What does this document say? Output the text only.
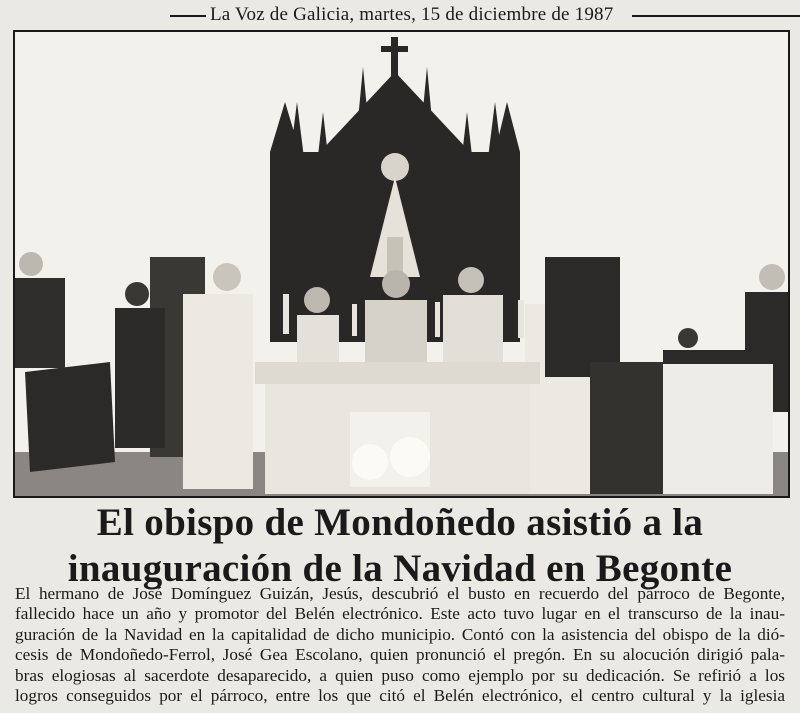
La Voz de Galicia, martes, 15 de diciembre de 1987
El obispo de Mondoñedo asistió a la
inauguración de la Navidad en Begonte
El hermano de José Domínguez Guizán, Jesús, descubrió el busto en recuerdo del párroco de Begonte,
fallecido hace un año y promotor del Belén electrónico. Este acto tuvo lugar en el transcurso de la inau-
guración de la Navidad en la capitalidad de dicho municipio. Contó con la asistencia del obispo de la dió-
cesis de Mondoñedo-Ferrol, José Gea Escolano, quien pronunció el pregón. En su alocución dirigió pala-
bras elogiosas al sacerdote desaparecido, a quien puso como ejemplo por su dedicación. Se refirió a los
logros conseguidos por el párroco, entre los que citó el Belén electrónico, el centro cultural y la iglesia
